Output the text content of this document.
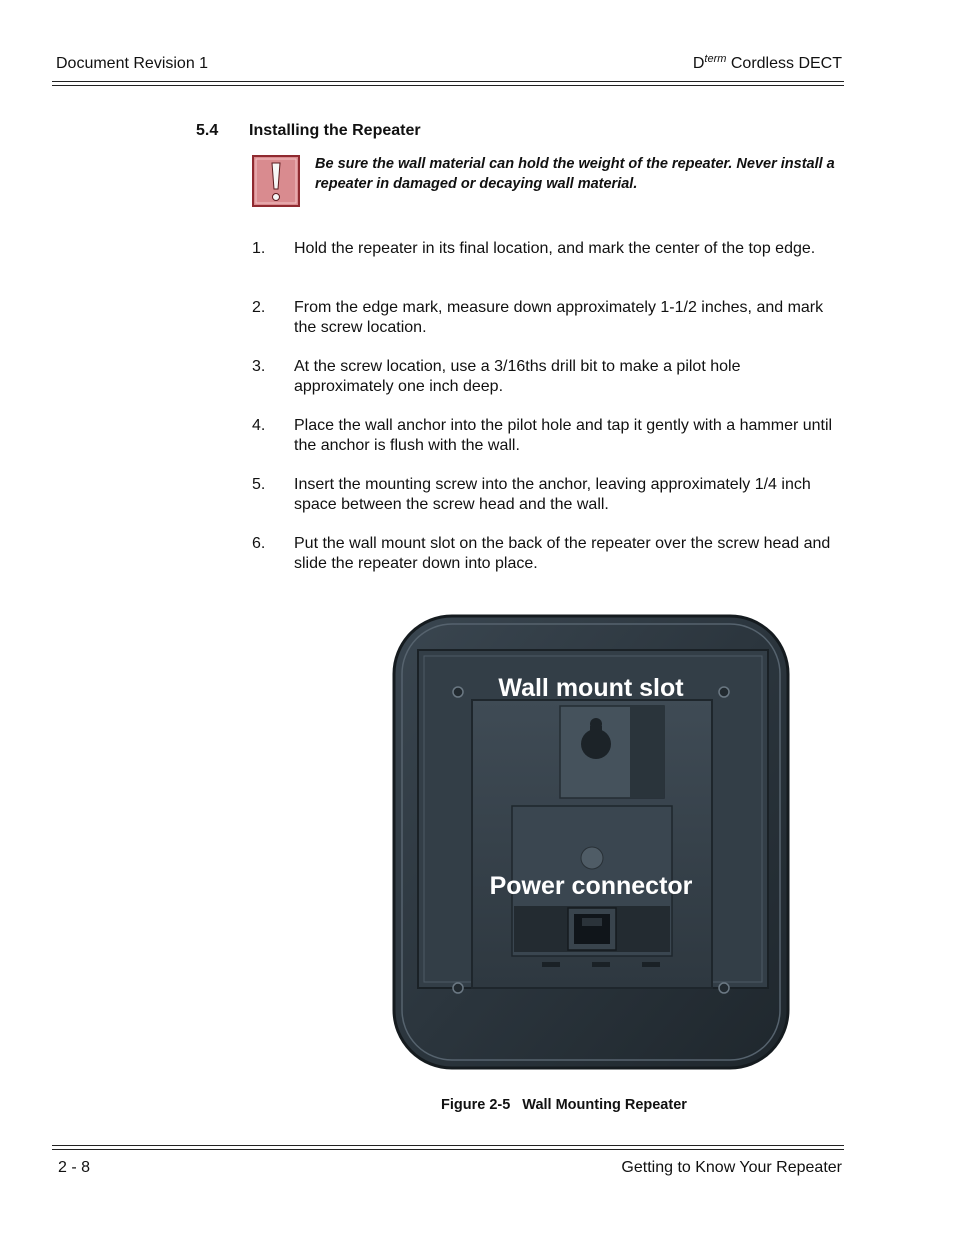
Document Revision 1	$D^{term}$ Cordless DECT
5.4 Installing the Repeater
Be sure the wall material can hold the weight of the repeater. Never install a repeater in damaged or decaying wall material.
1. Hold the repeater in its final location, and mark the center of the top edge.
2. From the edge mark, measure down approximately 1-1/2 inches, and mark the screw location.
3. At the screw location, use a 3/16ths drill bit to make a pilot hole approximately one inch deep.
4. Place the wall anchor into the pilot hole and tap it gently with a hammer until the anchor is flush with the wall.
5. Insert the mounting screw into the anchor, leaving approximately 1/4 inch space between the screw head and the wall.
6. Put the wall mount slot on the back of the repeater over the screw head and slide the repeater down into place.
Wall mount slot
Power connector
Figure 2-5 Wall Mounting Repeater
2 - 8	Getting to Know Your Repeater
